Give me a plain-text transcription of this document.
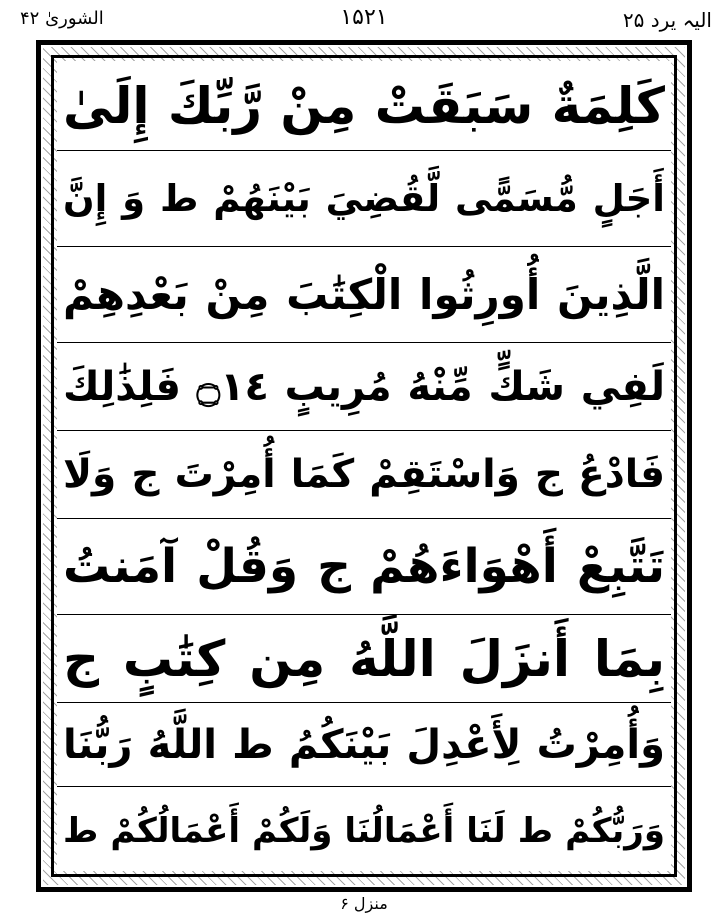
الشوریٰ ۴۲	۱۵۲۱	الیہ یرد ۲۵
كَلِمَةٌ سَبَقَتْ مِنْ رَّبِّكَ إِلَىٰ
أَجَلٍ مُّسَمًّى لَّقُضِيَ بَيْنَهُمْ ط وَ إِنَّ
الَّذِينَ أُورِثُوا الْكِتَٰبَ مِنْ بَعْدِهِمْ
لَفِي شَكٍّ مِّنْهُ مُرِيبٍ ۝١٤ فَلِذَٰلِكَ
فَادْعُ ج وَاسْتَقِمْ كَمَا أُمِرْتَ ج وَلَا
تَتَّبِعْ أَهْوَاءَهُمْ ج وَقُلْ آمَنتُ
بِمَا أَنزَلَ اللَّهُ مِن كِتَٰبٍ ج
وَأُمِرْتُ لِأَعْدِلَ بَيْنَكُمُ ط اللَّهُ رَبُّنَا
وَرَبُّكُمْ ط لَنَا أَعْمَالُنَا وَلَكُمْ أَعْمَالُكُمْ ط
منزل ۶
